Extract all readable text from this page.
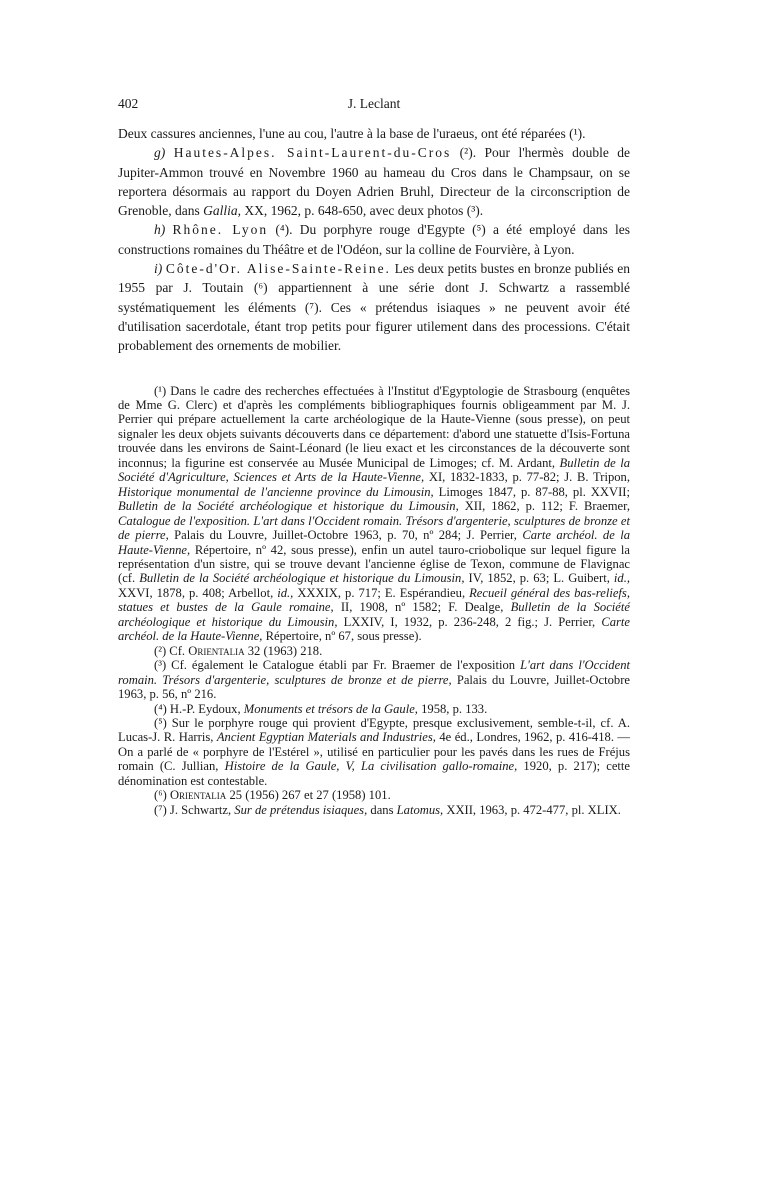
402	J. Leclant

Deux cassures anciennes, l'une au cou, l'autre à la base de l'uraeus, ont été réparées (¹).

g) Hautes-Alpes. Saint-Laurent-du-Cros (²). Pour l'hermès double de Jupiter-Ammon trouvé en Novembre 1960 au hameau du Cros dans le Champsaur, on se reportera désormais au rapport du Doyen Adrien Bruhl, Directeur de la circonscription de Grenoble, dans Gallia, XX, 1962, p. 648-650, avec deux photos (³).

h) Rhône. Lyon (⁴). Du porphyre rouge d'Egypte (⁵) a été employé dans les constructions romaines du Théâtre et de l'Odéon, sur la colline de Fourvière, à Lyon.

i) Côte-d'Or. Alise-Sainte-Reine. Les deux petits bustes en bronze publiés en 1955 par J. Toutain (⁶) appartiennent à une série dont J. Schwartz a rassemblé systématiquement les éléments (⁷). Ces « prétendus isiaques » ne peuvent avoir été d'utilisation sacerdotale, étant trop petits pour figurer utilement dans des processions. C'était probablement des ornements de mobilier.

(¹) Dans le cadre des recherches effectuées à l'Institut d'Egyptologie de Strasbourg (enquêtes de Mme G. Clerc) et d'après les compléments bibliographiques fournis obligeamment par M. J. Perrier qui prépare actuellement la carte archéologique de la Haute-Vienne (sous presse), on peut signaler les deux objets suivants découverts dans ce département: d'abord une statuette d'Isis-Fortuna trouvée dans les environs de Saint-Léonard (le lieu exact et les circonstances de la découverte sont inconnus; la figurine est conservée au Musée Municipal de Limoges; cf. M. Ardant, Bulletin de la Société d'Agriculture, Sciences et Arts de la Haute-Vienne, XI, 1832-1833, p. 77-82; J. B. Tripon, Historique monumental de l'ancienne province du Limousin, Limoges 1847, p. 87-88, pl. XXVII; Bulletin de la Société archéologique et historique du Limousin, XII, 1862, p. 112; F. Braemer, Catalogue de l'exposition. L'art dans l'Occident romain. Trésors d'argenterie, sculptures de bronze et de pierre, Palais du Louvre, Juillet-Octobre 1963, p. 70, nº 284; J. Perrier, Carte archéol. de la Haute-Vienne, Répertoire, nº 42, sous presse), enfin un autel tauro-criobolique sur lequel figure la représentation d'un sistre, qui se trouve devant l'ancienne église de Texon, commune de Flavignac (cf. Bulletin de la Société archéologique et historique du Limousin, IV, 1852, p. 63; L. Guibert, id., XXVI, 1878, p. 408; Arbellot, id., XXXIX, p. 717; E. Espérandieu, Recueil général des bas-reliefs, statues et bustes de la Gaule romaine, II, 1908, nº 1582; F. Dealge, Bulletin de la Société archéologique et historique du Limousin, LXXIV, I, 1932, p. 236-248, 2 fig.; J. Perrier, Carte archéol. de la Haute-Vienne, Répertoire, nº 67, sous presse).

(²) Cf. Orientalia 32 (1963) 218.

(³) Cf. également le Catalogue établi par Fr. Braemer de l'exposition L'art dans l'Occident romain. Trésors d'argenterie, sculptures de bronze et de pierre, Palais du Louvre, Juillet-Octobre 1963, p. 56, nº 216.

(⁴) H.-P. Eydoux, Monuments et trésors de la Gaule, 1958, p. 133.

(⁵) Sur le porphyre rouge qui provient d'Egypte, presque exclusivement, semble-t-il, cf. A. Lucas-J. R. Harris, Ancient Egyptian Materials and Industries, 4e éd., Londres, 1962, p. 416-418. — On a parlé de « porphyre de l'Estérel », utilisé en particulier pour les pavés dans les rues de Fréjus romain (C. Jullian, Histoire de la Gaule, V, La civilisation gallo-romaine, 1920, p. 217); cette dénomination est contestable.

(⁶) Orientalia 25 (1956) 267 et 27 (1958) 101.

(⁷) J. Schwartz, Sur de prétendus isiaques, dans Latomus, XXII, 1963, p. 472-477, pl. XLIX.
